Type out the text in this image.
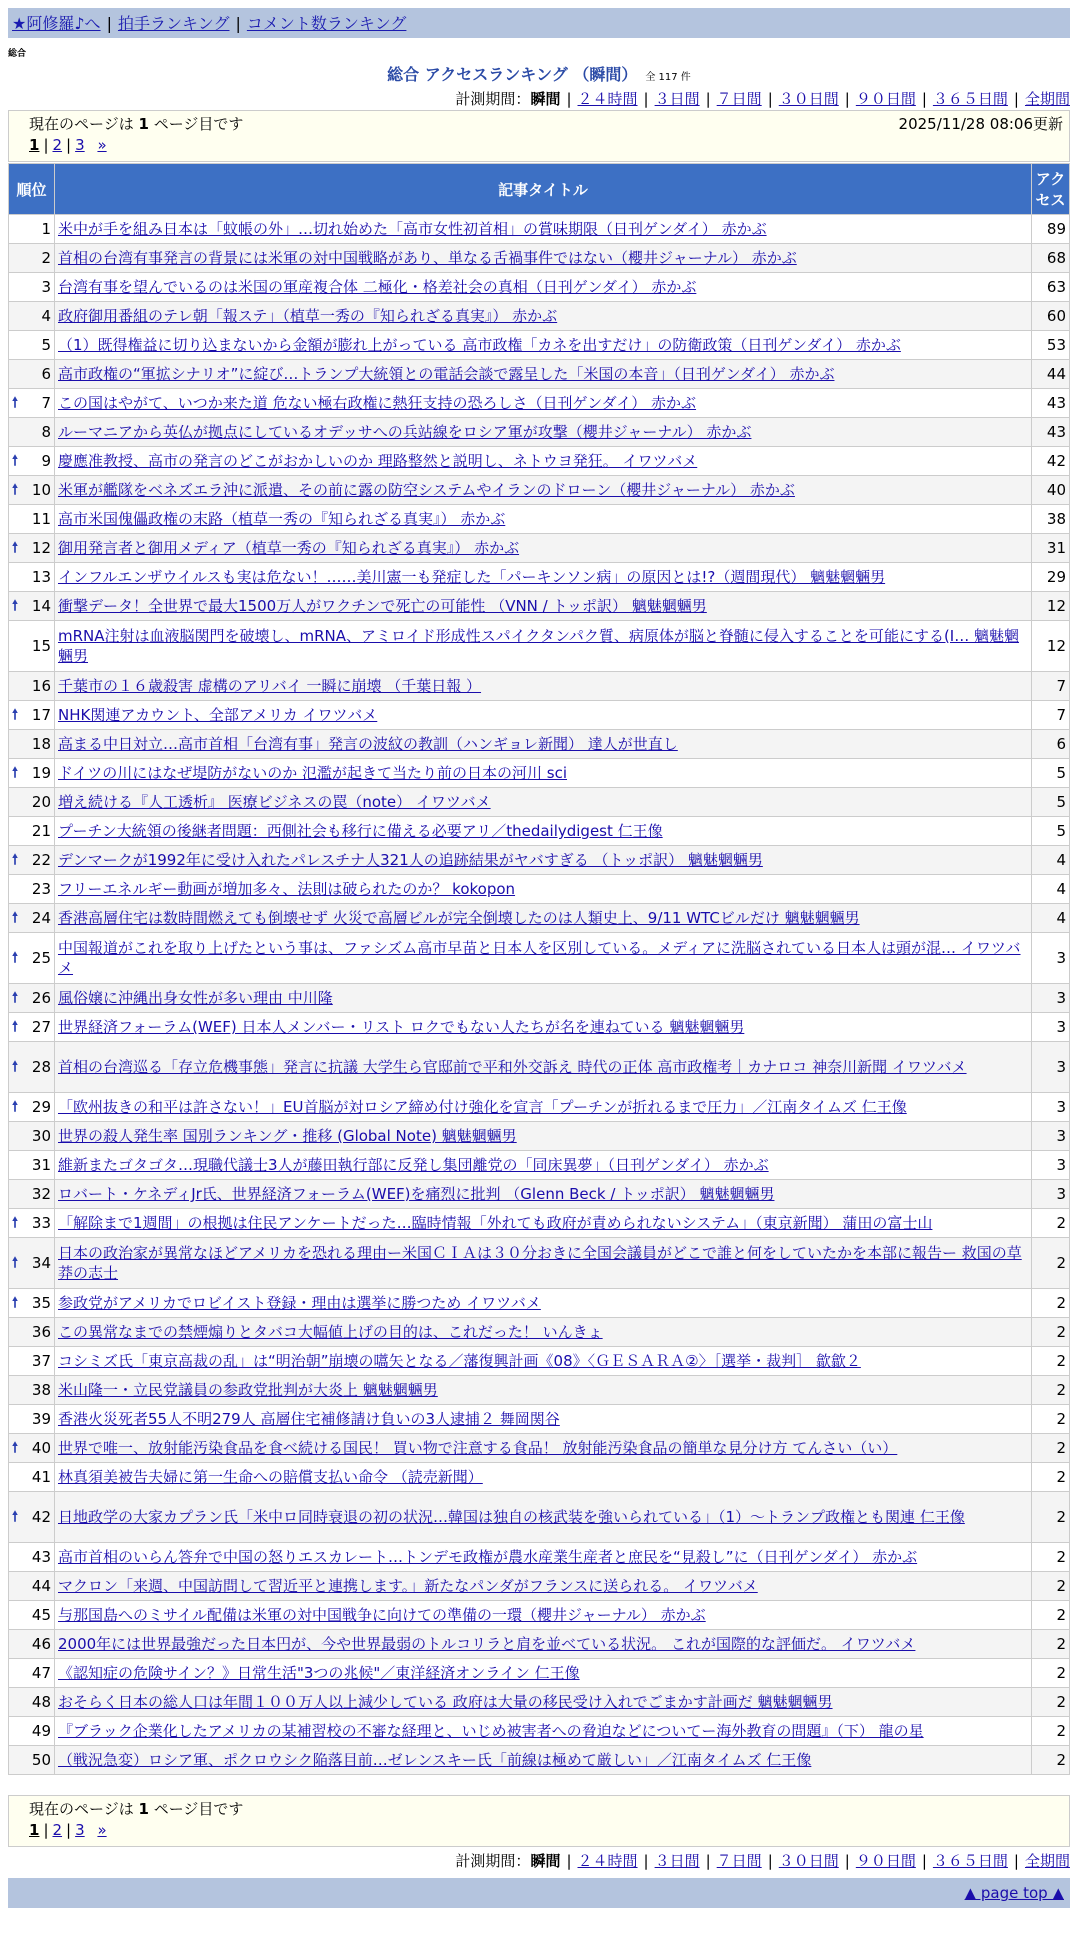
★阿修羅♪へ | 拍手ランキング | コメント数ランキング
総合
総合 アクセスランキング （瞬間） 全 117 件
計測期間：瞬間 | ２４時間 | ３日間 | ７日間 | ３０日間 | ９０日間 | ３６５日間 | 全期間
現在のページは 1 ページ目です	2025/11/28 08:06更新
1 | 2 | 3 »
順位	記事タイトル	アクセス
1	米中が手を組み日本は「蚊帳の外」…切れ始めた「高市女性初首相」の賞味期限（日刊ゲンダイ） 赤かぶ	89
2	首相の台湾有事発言の背景には米軍の対中国戦略があり、単なる舌禍事件ではない（櫻井ジャーナル） 赤かぶ	68
3	台湾有事を望んでいるのは米国の軍産複合体 二極化・格差社会の真相（日刊ゲンダイ） 赤かぶ	63
4	政府御用番組のテレ朝「報ステ」（植草一秀の『知られざる真実』） 赤かぶ	60
5	（1）既得権益に切り込まないから金額が膨れ上がっている 高市政権「カネを出すだけ」の防衛政策（日刊ゲンダイ） 赤かぶ	53
6	高市政権の“軍拡シナリオ”に綻び…トランプ大統領との電話会談で露呈した「米国の本音」（日刊ゲンダイ） 赤かぶ	44

🠕 7	この国はやがて、いつか来た道 危ない極右政権に熱狂支持の恐ろしさ（日刊ゲンダイ） 赤かぶ	43
8	ルーマニアから英仏が拠点にしているオデッサへの兵站線をロシア軍が攻撃（櫻井ジャーナル） 赤かぶ	43

🠕 9	慶應准教授、高市の発言のどこがおかしいのか 理路整然と説明し、ネトウヨ発狂。 イワツバメ	42

🠕 10	米軍が艦隊をベネズエラ沖に派遣、その前に露の防空システムやイランのドローン（櫻井ジャーナル） 赤かぶ	40
11	高市米国傀儡政権の末路（植草一秀の『知られざる真実』） 赤かぶ	38

🠕 12	御用発言者と御用メディア（植草一秀の『知られざる真実』） 赤かぶ	31
13	インフルエンザウイルスも実は危ない！……美川憲一も発症した「パーキンソン病」の原因とは!?（週間現代） 魑魅魍魎男	29

🠕 14	衝撃データ！全世界で最大1500万人がワクチンで死亡の可能性 （VNN / トッポ訳） 魑魅魍魎男	12
15	mRNA注射は血液脳関門を破壊し、mRNA、アミロイド形成性スパイクタンパク質、病原体が脳と脊髄に侵入することを可能にする(I… 魑魅魍魎男	12
16	千葉市の１６歳殺害 虚構のアリバイ 一瞬に崩壊 （千葉日報 ）	7

🠕 17	NHK関連アカウント、全部アメリカ イワツバメ	7
18	高まる中日対立…高市首相「台湾有事」発言の波紋の教訓（ハンギョレ新聞） 達人が世直し	6

🠕 19	ドイツの川にはなぜ堤防がないのか 氾濫が起きて当たり前の日本の河川 sci	5
20	増え続ける『人工透析』 医療ビジネスの罠（note） イワツバメ	5
21	プーチン大統領の後継者問題：西側社会も移行に備える必要アリ／thedailydigest 仁王像	5

🠕 22	デンマークが1992年に受け入れたパレスチナ人321人の追跡結果がヤバすぎる （トッポ訳） 魑魅魍魎男	4
23	フリーエネルギー動画が増加多々、法則は破られたのか？ kokopon	4

🠕 24	香港高層住宅は数時間燃えても倒壊せず 火災で高層ビルが完全倒壊したのは人類史上、9/11 WTCビルだけ 魑魅魍魎男	4

🠕 25	中国報道がこれを取り上げたという事は、ファシズム高市早苗と日本人を区別している。メディアに洗脳されている日本人は頭が混… イワツバメ	3

🠕 26	風俗嬢に沖縄出身女性が多い理由 中川隆	3

🠕 27	世界経済フォーラム(WEF) 日本人メンバー・リスト ロクでもない人たちが名を連ねている 魑魅魍魎男	3

🠕 28	首相の台湾巡る「存立危機事態」発言に抗議 大学生ら官邸前で平和外交訴え 時代の正体 高市政権考｜カナロコ 神奈川新聞 イワツバメ	3

🠕 29	「欧州抜きの和平は許さない！」EU首脳が対ロシア締め付け強化を宣言「プーチンが折れるまで圧力」／江南タイムズ 仁王像	3
30	世界の殺人発生率 国別ランキング・推移 (Global Note) 魑魅魍魎男	3
31	維新またゴタゴタ…現職代議士3人が藤田執行部に反発し集団離党の「同床異夢」（日刊ゲンダイ） 赤かぶ	3
32	ロバート・ケネディJr氏、世界経済フォーラム(WEF)を痛烈に批判 （Glenn Beck / トッポ訳） 魑魅魍魎男	3

🠕 33	「解除まで1週間」の根拠は住民アンケートだった…臨時情報「外れても政府が責められないシステム」（東京新聞） 蒲田の富士山	2

🠕 34	日本の政治家が異常なほどアメリカを恐れる理由ー米国ＣＩＡは３０分おきに全国会議員がどこで誰と何をしていたかを本部に報告ー 救国の草莽の志士	2

🠕 35	参政党がアメリカでロビイスト登録・理由は選挙に勝つため イワツバメ	2
36	この異常なまでの禁煙煽りとタバコ大幅値上げの目的は、これだった！ いんきょ	2
37	コシミズ氏「東京高裁の乱」は“明治朝”崩壊の嚆矢となる／藩復興計画《08》〈ＧＥＳＡＲＡ②〉［選挙・裁判］ 歙歙２	2
38	米山隆一・立民党議員の参政党批判が大炎上 魑魅魍魎男	2
39	香港火災死者55人不明279人 高層住宅補修請け負いの3人逮捕２ 舞岡関谷	2

🠕 40	世界で唯一、放射能汚染食品を食べ続ける国民！ 買い物で注意する食品！ 放射能汚染食品の簡単な見分け方 てんさい（い）	2
41	林真須美被告夫婦に第一生命への賠償支払い命令 （読売新聞）	2

🠕 42	日地政学の大家カプラン氏「米中ロ同時衰退の初の状況…韓国は独自の核武装を強いられている」（1）～トランプ政権とも関連 仁王像	2
43	高市首相のいらん答弁で中国の怒りエスカレート…トンデモ政権が農水産業生産者と庶民を“見殺し”に（日刊ゲンダイ） 赤かぶ	2
44	マクロン「来週、中国訪問して習近平と連携します。」新たなパンダがフランスに送られる。 イワツバメ	2
45	与那国島へのミサイル配備は米軍の対中国戦争に向けての準備の一環（櫻井ジャーナル） 赤かぶ	2
46	2000年には世界最強だった日本円が、今や世界最弱のトルコリラと肩を並べている状況。 これが国際的な評価だ。 イワツバメ	2
47	《認知症の危険サイン？》日常生活"3つの兆候"／東洋経済オンライン 仁王像	2
48	おそらく日本の総人口は年間１００万人以上減少している 政府は大量の移民受け入れでごまかす計画だ 魑魅魍魎男	2
49	『ブラック企業化したアメリカの某補習校の不審な経理と、いじめ被害者への脅迫などについてー海外教育の問題』（下） 龍の星	2
50	（戦況急変）ロシア軍、ポクロウシク陥落目前…ゼレンスキー氏「前線は極めて厳しい」／江南タイムズ 仁王像	2
現在のページは 1 ページ目です
1 | 2 | 3 »
計測期間：瞬間 | ２４時間 | ３日間 | ７日間 | ３０日間 | ９０日間 | ３６５日間 | 全期間
▲ page top ▲
